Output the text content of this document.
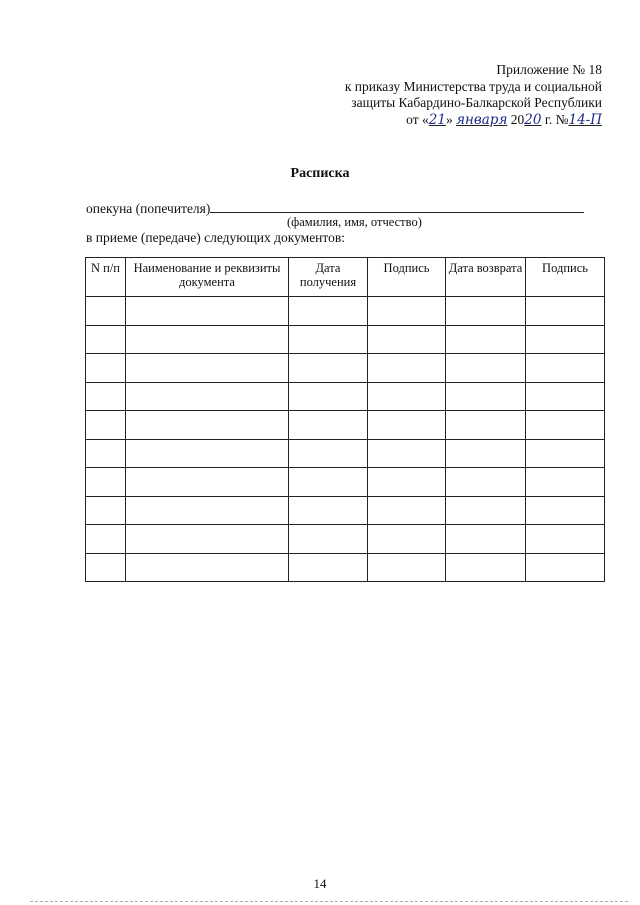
Приложение № 18
к приказу Министерства труда и социальной
защиты Кабардино-Балкарской Республики
от «21» января 2020 г. №14-П
Расписка
опекуна (попечителя)
(фамилия, имя, отчество)
в приеме (передаче) следующих документов:
N п/п	Наименование и реквизиты документа	Дата получения	Подпись	Дата возврата	Подпись

14
